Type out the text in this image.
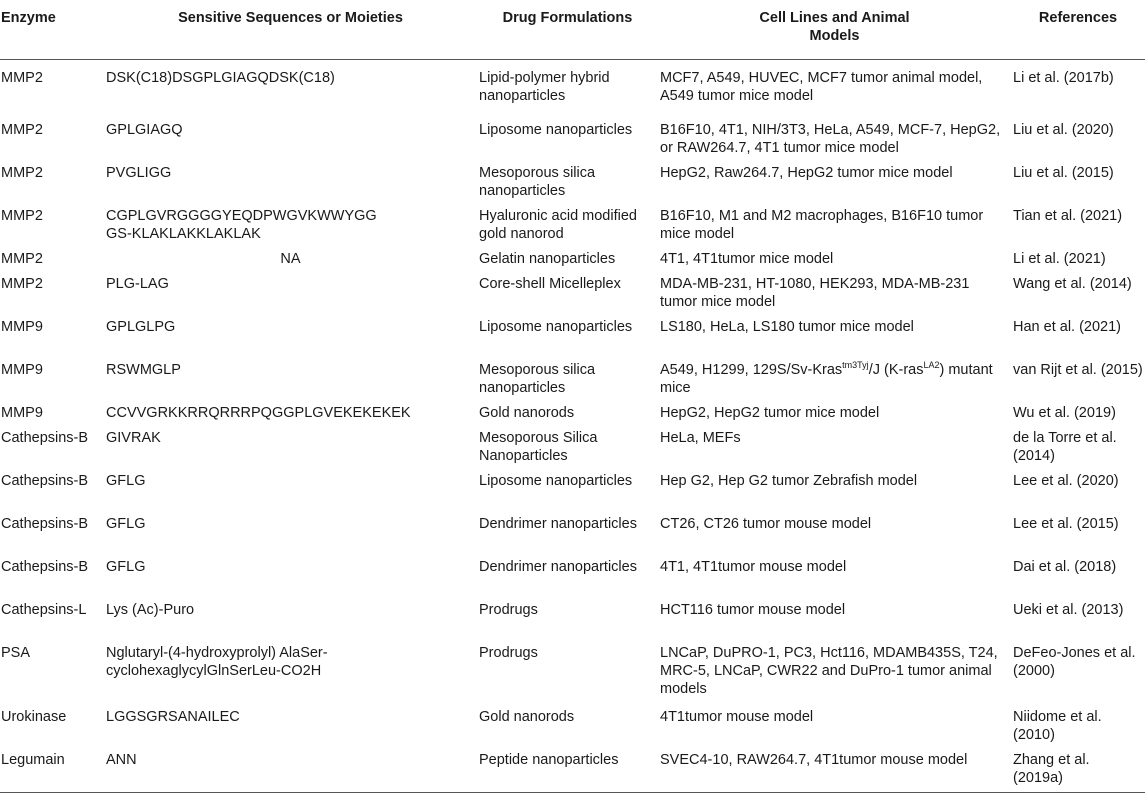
Enzyme	Sensitive Sequences or Moieties	Drug Formulations	Cell Lines and Animal Models	References
MMP2	DSK(C18)DSGPLGIAGQDSK(C18)	Lipid-polymer hybrid nanoparticles	MCF7, A549, HUVEC, MCF7 tumor animal model, A549 tumor mice model	Li et al. (2017b)
MMP2	GPLGIAGQ	Liposome nanoparticles	B16F10, 4T1, NIH/3T3, HeLa, A549, MCF-7, HepG2, or RAW264.7, 4T1 tumor mice model	Liu et al. (2020)
MMP2	PVGLIGG	Mesoporous silica nanoparticles	HepG2, Raw264.7, HepG2 tumor mice model	Liu et al. (2015)
MMP2	CGPLGVRGGGGYEQDPWGVKWWYGGGS-KLAKLAKKLAKLAK	Hyaluronic acid modified gold nanorod	B16F10, M1 and M2 macrophages, B16F10 tumor mice model	Tian et al. (2021)
MMP2	NA	Gelatin nanoparticles	4T1, 4T1tumor mice model	Li et al. (2021)
MMP2	PLG-LAG	Core-shell Micelleplex	MDA-MB-231, HT-1080, HEK293, MDA-MB-231 tumor mice model	Wang et al. (2014)
MMP9	GPLGLPG	Liposome nanoparticles	LS180, HeLa, LS180 tumor mice model	Han et al. (2021)
MMP9	RSWMGLP	Mesoporous silica nanoparticles	A549, H1299, 129S/Sv-Kras$^{tm3Tyj}$/J (K-ras$^{LA2}$) mutant mice	van Rijt et al. (2015)
MMP9	CCVVGRKKRRQRRRPQGGPLGVEKEKEKEK	Gold nanorods	HepG2, HepG2 tumor mice model	Wu et al. (2019)
Cathepsins-B	GIVRAK	Mesoporous Silica Nanoparticles	HeLa, MEFs	de la Torre et al. (2014)
Cathepsins-B	GFLG	Liposome nanoparticles	Hep G2, Hep G2 tumor Zebrafish model	Lee et al. (2020)
Cathepsins-B	GFLG	Dendrimer nanoparticles	CT26, CT26 tumor mouse model	Lee et al. (2015)
Cathepsins-B	GFLG	Dendrimer nanoparticles	4T1, 4T1tumor mouse model	Dai et al. (2018)
Cathepsins-L	Lys (Ac)-Puro	Prodrugs	HCT116 tumor mouse model	Ueki et al. (2013)
PSA	Nglutaryl-(4-hydroxyprolyl) AlaSer-cyclohexaglycylGlnSerLeu-CO2H	Prodrugs	LNCaP, DuPRO-1, PC3, Hct116, MDAMB435S, T24, MRC-5, LNCaP, CWR22 and DuPro-1 tumor animal models	DeFeo-Jones et al. (2000)
Urokinase	LGGSGRSANAILEC	Gold nanorods	4T1tumor mouse model	Niidome et al. (2010)
Legumain	ANN	Peptide nanoparticles	SVEC4-10, RAW264.7, 4T1tumor mouse model	Zhang et al. (2019a)
